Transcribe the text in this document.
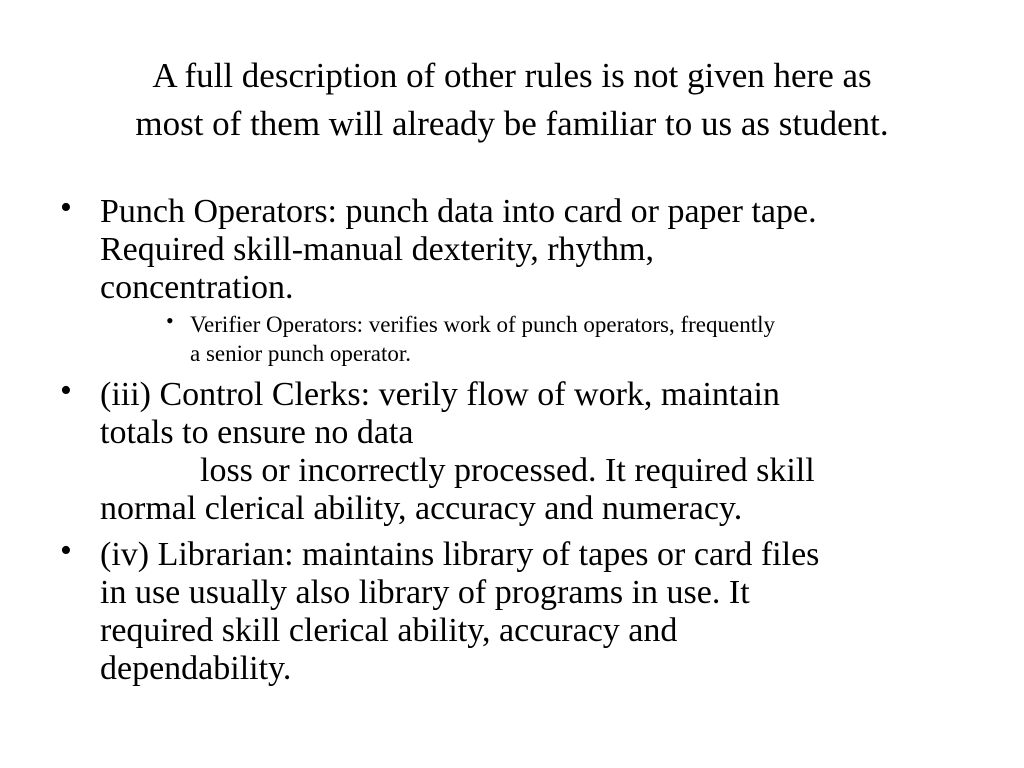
A full description of other rules is not given here as
most of them will already be familiar to us as student.
• Punch Operators: punch data into card or paper tape.
Required skill-manual dexterity, rhythm,
concentration.
• Verifier Operators: verifies work of punch operators, frequently
a senior punch operator.
• (iii) Control Clerks: verily flow of work, maintain
totals to ensure no data
loss or incorrectly processed. It required skill
normal clerical ability, accuracy and numeracy.
• (iv) Librarian: maintains library of tapes or card files
in use usually also library of programs in use. It
required skill clerical ability, accuracy and
dependability.
